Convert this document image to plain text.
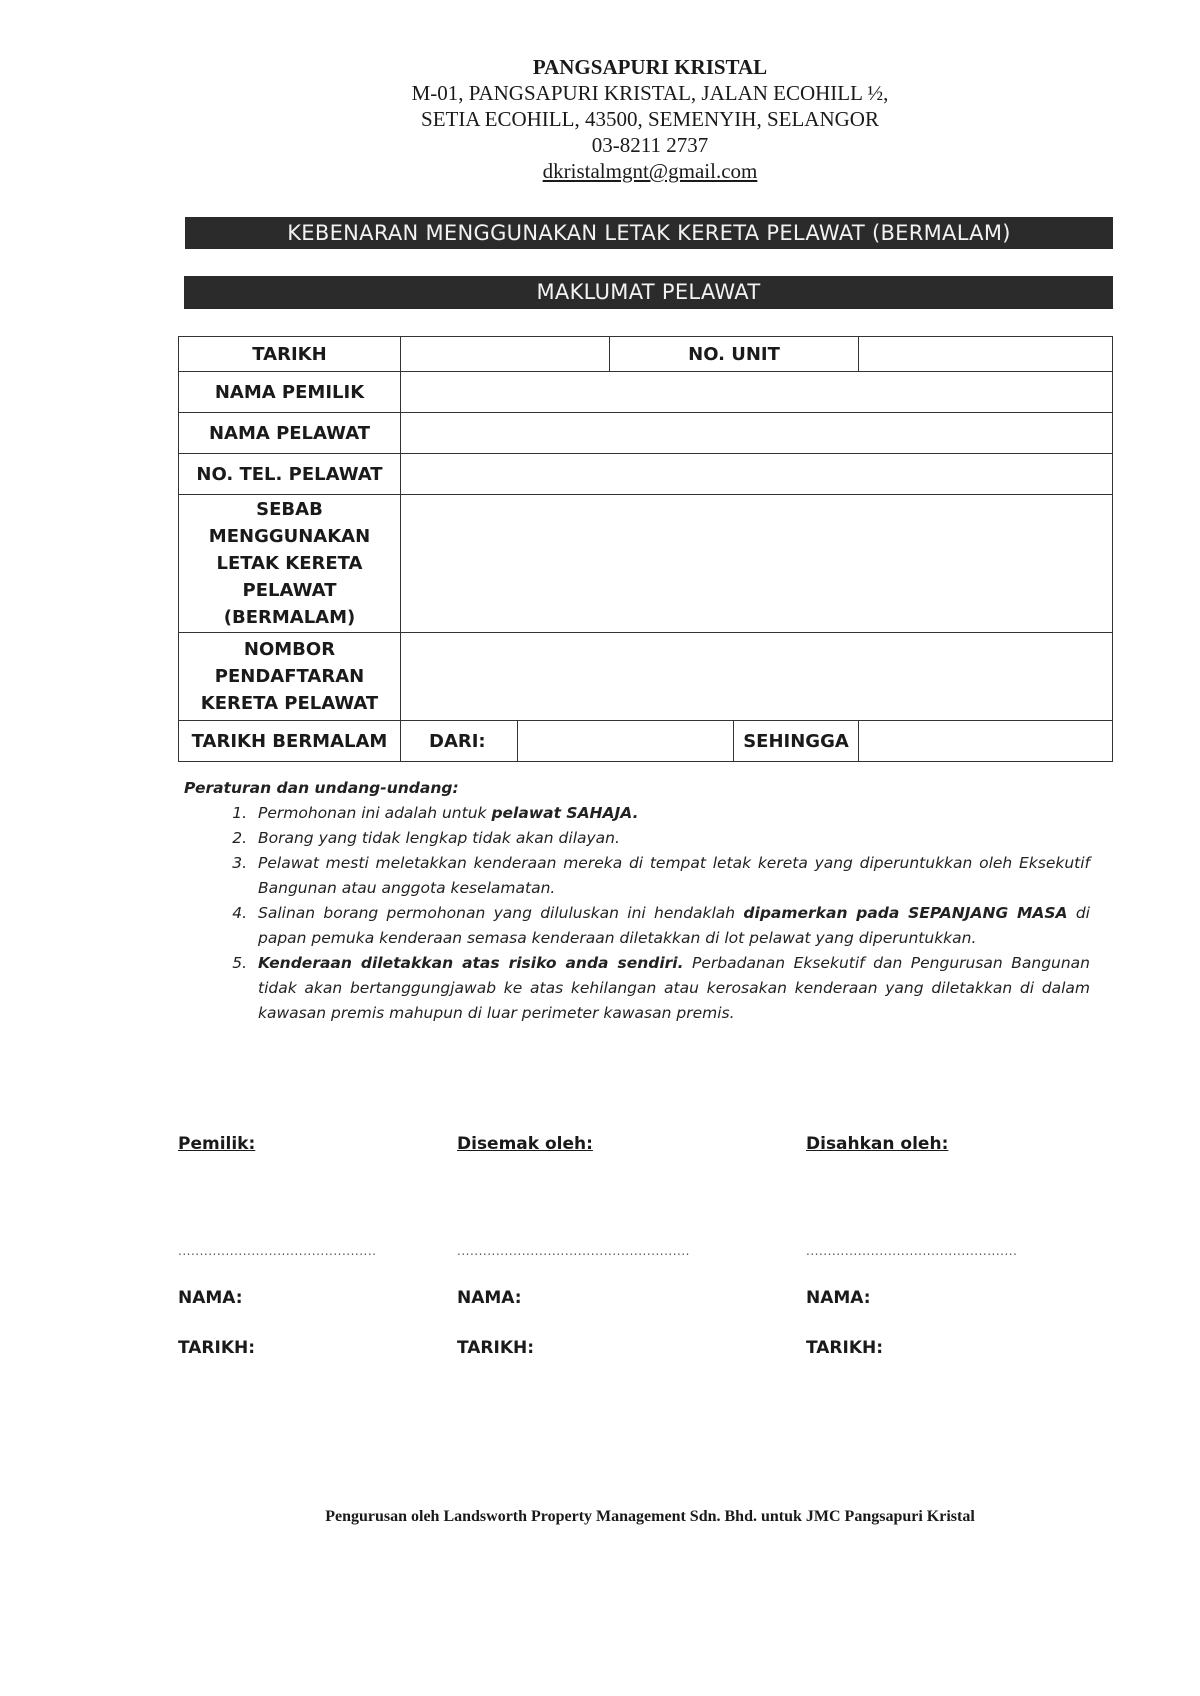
PANGSAPURI KRISTAL
M-01, PANGSAPURI KRISTAL, JALAN ECOHILL ½,
SETIA ECOHILL, 43500, SEMENYIH, SELANGOR
03-8211 2737
dkristalmgnt@gmail.com
KEBENARAN MENGGUNAKAN LETAK KERETA PELAWAT (BERMALAM)
MAKLUMAT PELAWAT
TARIKH			NO. UNIT		
NAMA PEMILIK					
NAMA PELAWAT					
NO. TEL. PELAWAT					

SEBAB
MENGGUNAKAN
LETAK KERETA
PELAWAT
(BERMALAM)					

NOMBOR
PENDAFTARAN
KERETA PELAWAT					

TARIKH BERMALAM	DARI:			SEHINGGA	
Peraturan dan undang-undang:
1. Permohonan ini adalah untuk pelawat SAHAJA.
2. Borang yang tidak lengkap tidak akan dilayan.
3. Pelawat mesti meletakkan kenderaan mereka di tempat letak kereta yang diperuntukkan oleh Eksekutif Bangunan atau anggota keselamatan.
4. Salinan borang permohonan yang diluluskan ini hendaklah dipamerkan pada SEPANJANG MASA di papan pemuka kenderaan semasa kenderaan diletakkan di lot pelawat yang diperuntukkan.
5. Kenderaan diletakkan atas risiko anda sendiri. Perbadanan Eksekutif dan Pengurusan Bangunan tidak akan bertanggungjawab ke atas kehilangan atau kerosakan kenderaan yang diletakkan di dalam kawasan premis mahupun di luar perimeter kawasan premis.
Pemilik:
..............................................
NAMA:
TARIKH:
Disemak oleh:
......................................................
NAMA:
TARIKH:
Disahkan oleh:
.................................................
NAMA:
TARIKH:
Pengurusan oleh Landsworth Property Management Sdn. Bhd. untuk JMC Pangsapuri Kristal
